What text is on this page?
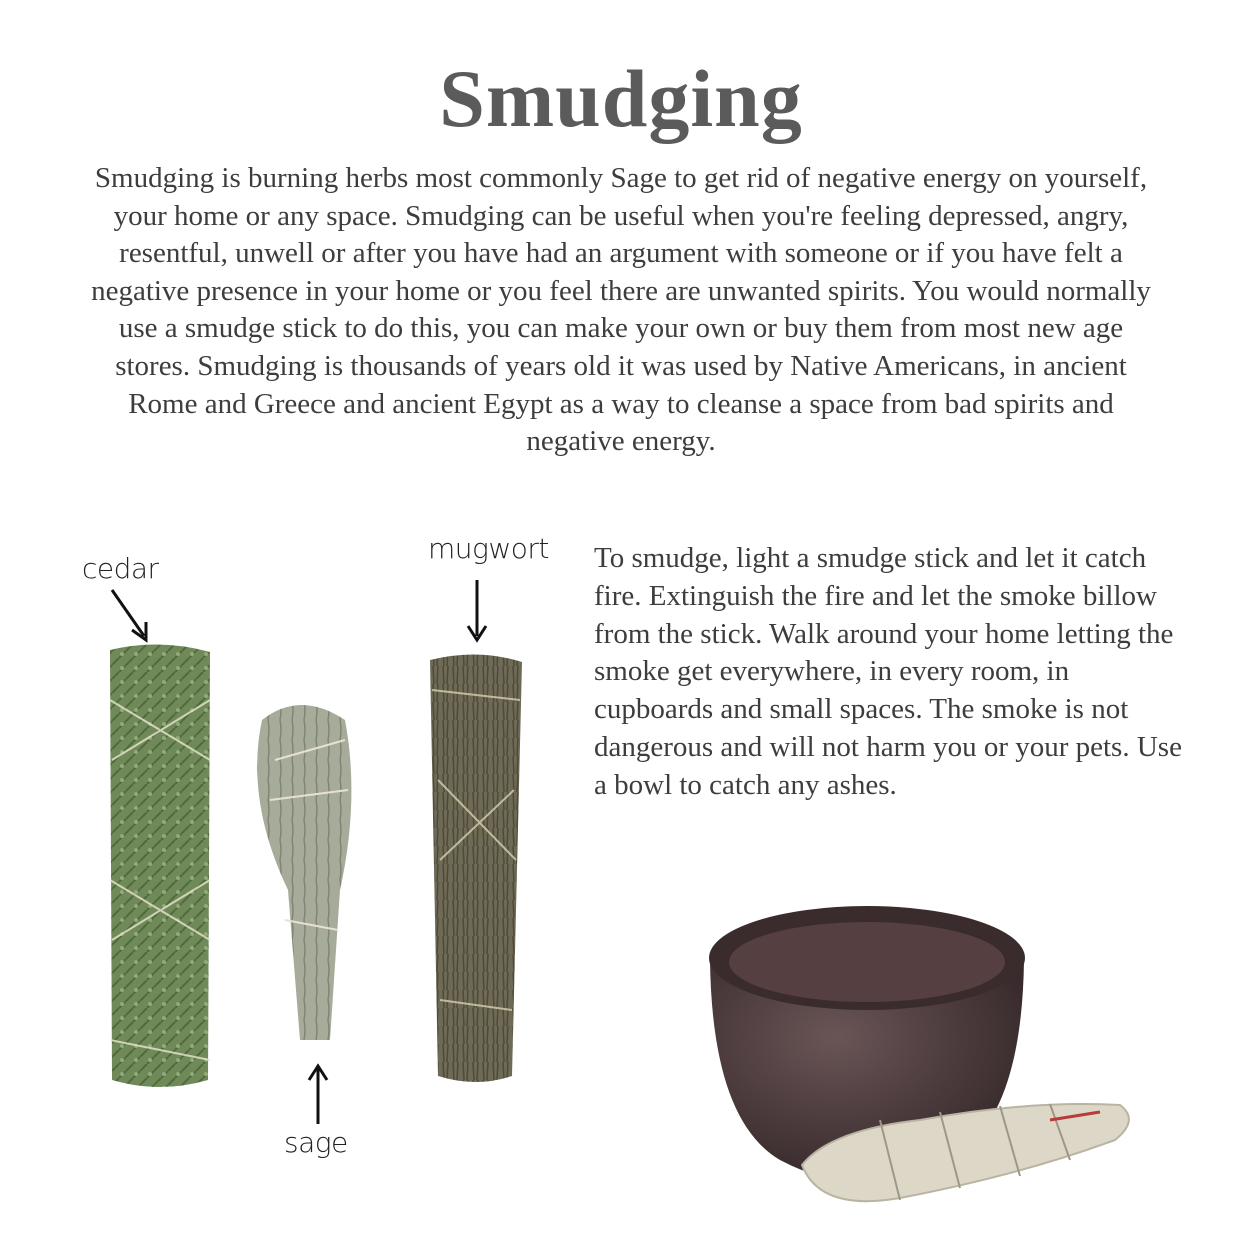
Smudging

Smudging is burning herbs most commonly Sage to get rid of negative energy on yourself, your home or any space. Smudging can be useful when you're feeling depressed, angry, resentful, unwell or after you have had an argument with someone or if you have felt a negative presence in your home or you feel there are unwanted spirits. You would normally use a smudge stick to do this, you can make your own or buy them from most new age stores. Smudging is thousands of years old it was used by Native Americans, in ancient Rome and Greece and ancient Egypt as a way to cleanse a space from bad spirits and negative energy.

To smudge, light a smudge stick and let it catch fire. Extinguish the fire and let the smoke billow from the stick. Walk around your home letting the smoke get everywhere, in every room, in cupboards and small spaces. The smoke is not dangerous and will not harm you or your pets. Use a bowl to catch any ashes.

cedar
mugwort
sage
